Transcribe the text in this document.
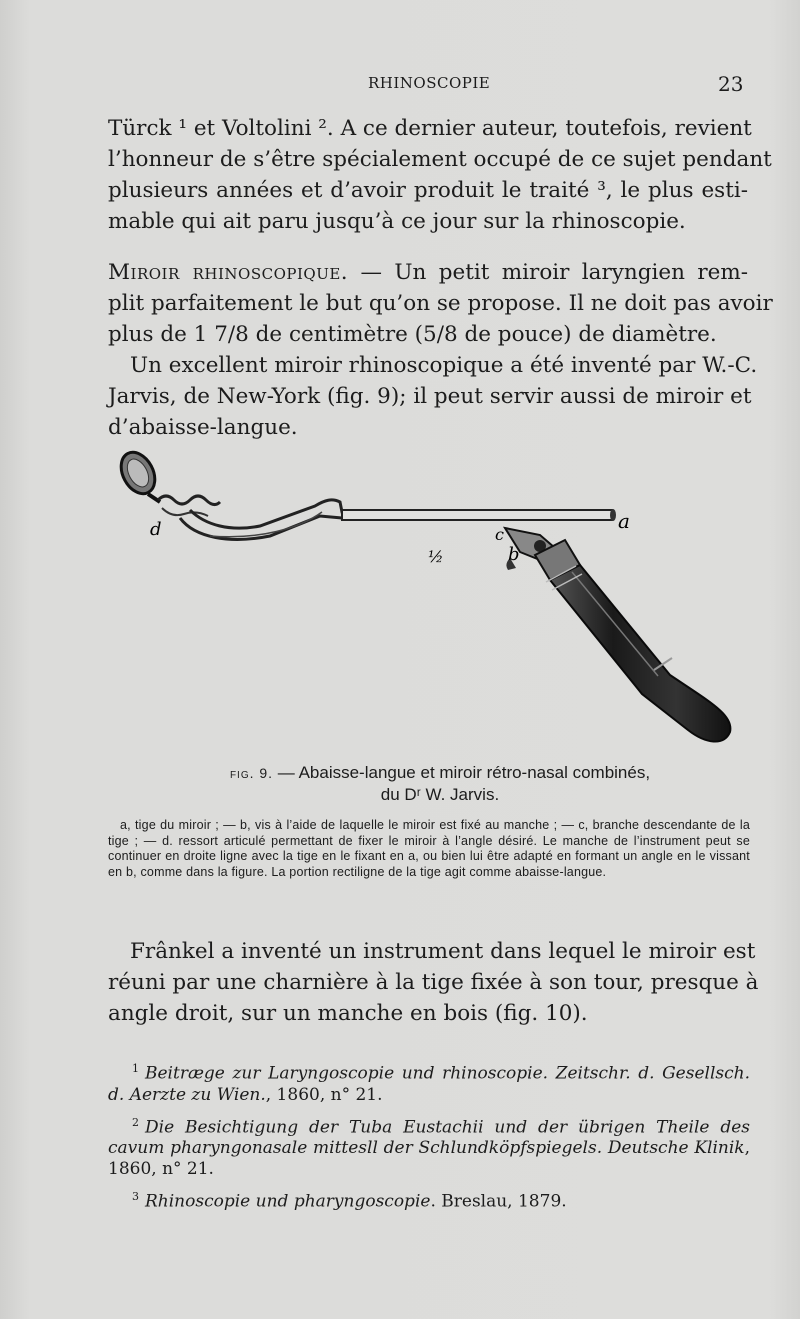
RHINOSCOPIE	23
Türck ¹ et Voltolini ². A ce dernier auteur, toutefois, revient
l’honneur de s’être spécialement occupé de ce sujet pendant
plusieurs années et d’avoir produit le traité ³, le plus esti-
mable qui ait paru jusqu’à ce jour sur la rhinoscopie.
Miroir rhinoscopique. — Un petit miroir laryngien rem-
plit parfaitement le but qu’on se propose. Il ne doit pas avoir
plus de 1 7/8 de centimètre (5/8 de pouce) de diamètre.
Un excellent miroir rhinoscopique a été inventé par W.-C.
Jarvis, de New-York (fig. 9); il peut servir aussi de miroir et
d’abaisse-langue.
a
b
c
d
½
fig. 9. — Abaisse-langue et miroir rétro-nasal combinés,
du Dʳ W. Jarvis.
a, tige du miroir ; — b, vis à l’aide de laquelle le miroir est fixé au manche ; — c, branche descendante de la tige ; — d. ressort articulé permettant de fixer le miroir à l’angle désiré. Le manche de l’instrument peut se continuer en droite ligne avec la tige en le fixant en a, ou bien lui être adapté en formant un angle en le vissant en b, comme dans la figure. La portion rectiligne de la tige agit comme abaisse-langue.
Frânkel a inventé un instrument dans lequel le miroir est
réuni par une charnière à la tige fixée à son tour, presque à
angle droit, sur un manche en bois (fig. 10).
$^1$ Beitræge zur Laryngoscopie und rhinoscopie. Zeitschr. d. Gesellsch. d. Aerzte zu Wien., 1860, n° 21.
$^2$ Die Besichtigung der Tuba Eustachii und der übrigen Theile des cavum pharyngonasale mittesll der Schlundköpfspiegels. Deutsche Klinik, 1860, n° 21.
$^3$ Rhinoscopie und pharyngoscopie. Breslau, 1879.
